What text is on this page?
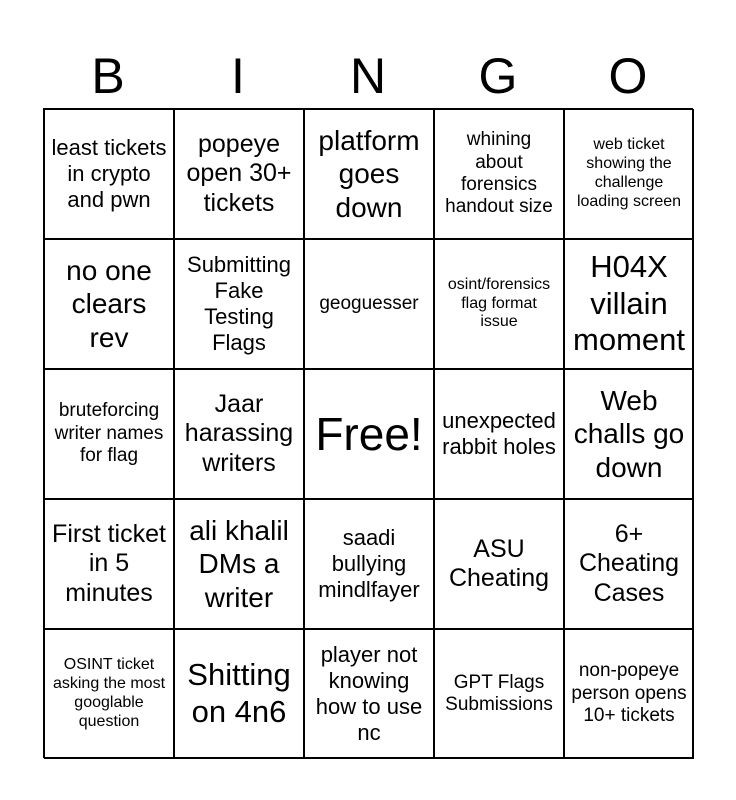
B	I	N	G	O
least tickets in crypto and pwn
popeye open 30+ tickets
platform goes down
whining about forensics handout size
web ticket showing the challenge loading screen
no one clears rev
Submitting Fake Testing Flags
geoguesser
osint/forensics flag format issue
H04X villain moment
bruteforcing writer names for flag
Jaar harassing writers
Free! unexpected rabbit holes
Web challs go down
First ticket in 5 minutes
ali khalil DMs a writer
saadi bullying mindlfayer
ASU Cheating
6+ Cheating Cases
OSINT ticket asking the most googlable question
Shitting on 4n6
player not knowing how to use nc
GPT Flags Submissions
non-popeye person opens 10+ tickets
